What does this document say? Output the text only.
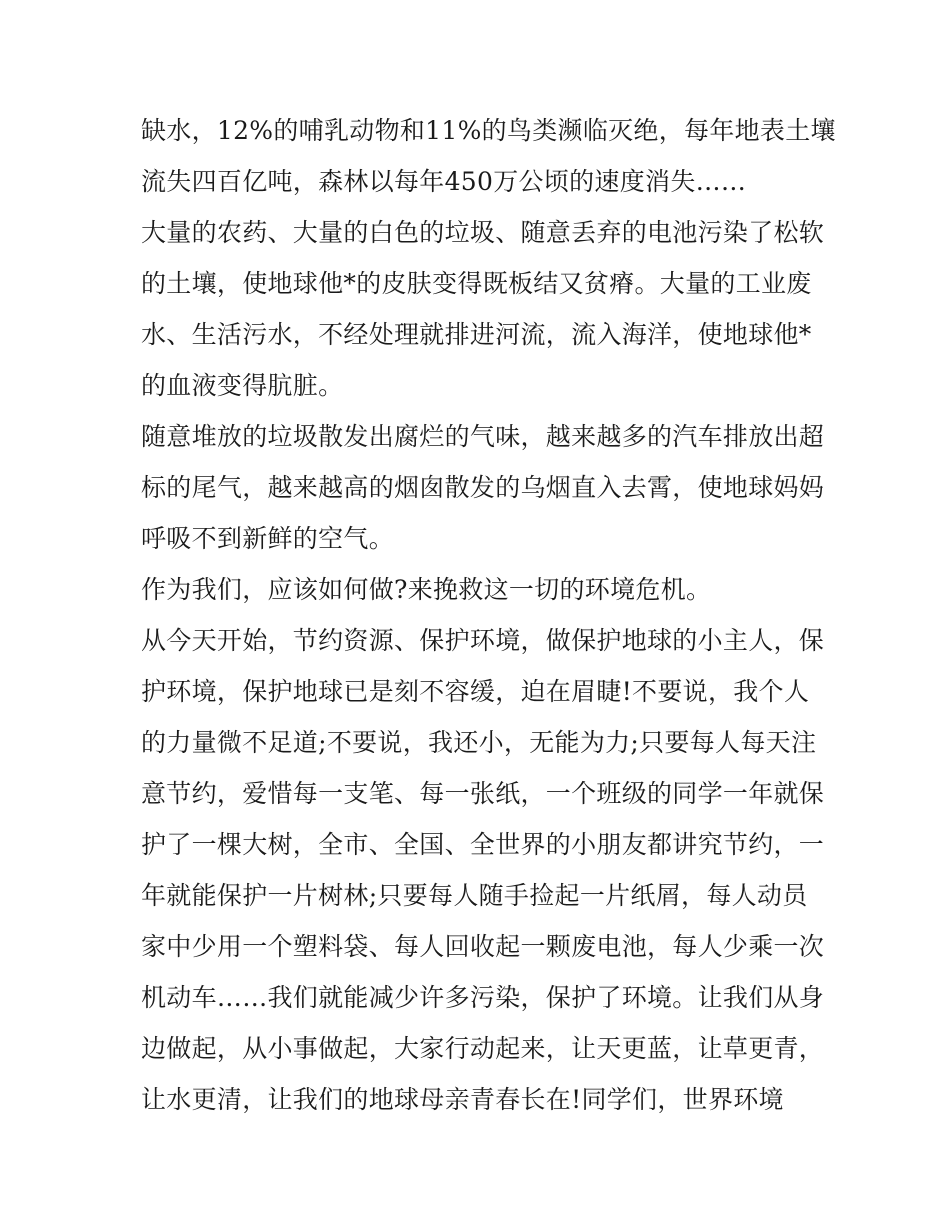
缺水，12%的哺乳动物和11%的鸟类濒临灭绝，每年地表土壤
流失四百亿吨，森林以每年450万公顷的速度消失……
大量的农药、大量的白色的垃圾、随意丢弃的电池污染了松软
的土壤，使地球他*的皮肤变得既板结又贫瘠。大量的工业废
水、生活污水，不经处理就排进河流，流入海洋，使地球他*
的血液变得肮脏。
随意堆放的垃圾散发出腐烂的气味，越来越多的汽车排放出超
标的尾气，越来越高的烟囱散发的乌烟直入去霄，使地球妈妈
呼吸不到新鲜的空气。
作为我们，应该如何做?来挽救这一切的环境危机。
从今天开始，节约资源、保护环境，做保护地球的小主人，保
护环境，保护地球已是刻不容缓，迫在眉睫!不要说，我个人
的力量微不足道;不要说，我还小，无能为力;只要每人每天注
意节约，爱惜每一支笔、每一张纸，一个班级的同学一年就保
护了一棵大树，全市、全国、全世界的小朋友都讲究节约，一
年就能保护一片树林;只要每人随手捡起一片纸屑，每人动员
家中少用一个塑料袋、每人回收起一颗废电池，每人少乘一次
机动车……我们就能减少许多污染，保护了环境。让我们从身
边做起，从小事做起，大家行动起来，让天更蓝，让草更青，
让水更清，让我们的地球母亲青春长在!同学们，世界环境
